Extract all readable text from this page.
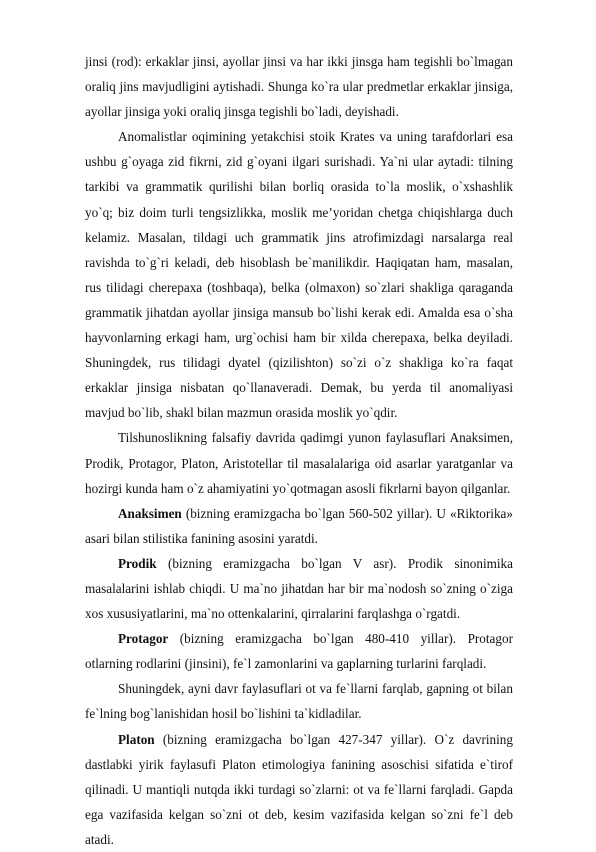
jinsi (rod): erkaklar jinsi, ayollar jinsi va har ikki jinsga ham tegishli bo`lmagan oraliq jins mavjudligini aytishadi. Shunga ko`ra ular predmetlar erkaklar jinsiga, ayollar jinsiga yoki oraliq jinsga tegishli bo`ladi, deyishadi.

Anomalistlar oqimining yetakchisi stoik Krates va uning tarafdorlari esa ushbu g`oyaga zid fikrni, zid g`oyani ilgari surishadi. Ya`ni ular aytadi: tilning tarkibi va grammatik qurilishi bilan borliq orasida to`la moslik, o`xshashlik yo`q; biz doim turli tengsizlikka, moslik me’yoridan chetga chiqishlarga duch kelamiz. Masalan, tildagi uch grammatik jins atrofimizdagi narsalarga real ravishda to`g`ri keladi, deb hisoblash be`manilikdir. Haqiqatan ham, masalan, rus tilidagi cherepaxa (toshbaqa), belka (olmaxon) so`zlari shakliga qaraganda grammatik jihatdan ayollar jinsiga mansub bo`lishi kerak edi. Amalda esa o`sha hayvonlarning erkagi ham, urg`ochisi ham bir xilda cherepaxa, belka deyiladi. Shuningdek, rus tilidagi dyatel (qizilishton) so`zi o`z shakliga ko`ra faqat erkaklar jinsiga nisbatan qo`llanaveradi. Demak, bu yerda til anomaliyasi mavjud bo`lib, shakl bilan mazmun orasida moslik yo`qdir.

Tilshunoslikning falsafiy davrida qadimgi yunon faylasuflari Anaksimen, Prodik, Protagor, Platon, Aristotellar til masalalariga oid asarlar yaratganlar va hozirgi kunda ham o`z ahamiyatini yo`qotmagan asosli fikrlarni bayon qilganlar.

Anaksimen (bizning eramizgacha bo`lgan 560-502 yillar). U «Riktorika» asari bilan stilistika fanining asosini yaratdi.

Prodik (bizning eramizgacha bo`lgan V asr). Prodik sinonimika masalalarini ishlab chiqdi. U ma`no jihatdan har bir ma`nodosh so`zning o`ziga xos xususiyatlarini, ma`no ottenkalarini, qirralarini farqlashga o`rgatdi.

Protagor (bizning eramizgacha bo`lgan 480-410 yillar). Protagor otlarning rodlarini (jinsini), fe`l zamonlarini va gaplarning turlarini farqladi.

Shuningdek, ayni davr faylasuflari ot va fe`llarni farqlab, gapning ot bilan fe`lning bog`lanishidan hosil bo`lishini ta`kidladilar.

Platon (bizning eramizgacha bo`lgan 427-347 yillar). O`z davrining dastlabki yirik faylasufi Platon etimologiya fanining asoschisi sifatida e`tirof qilinadi. U mantiqli nutqda ikki turdagi so`zlarni: ot va fe`llarni farqladi. Gapda ega vazifasida kelgan so`zni ot deb, kesim vazifasida kelgan so`zni fe`l deb atadi.
